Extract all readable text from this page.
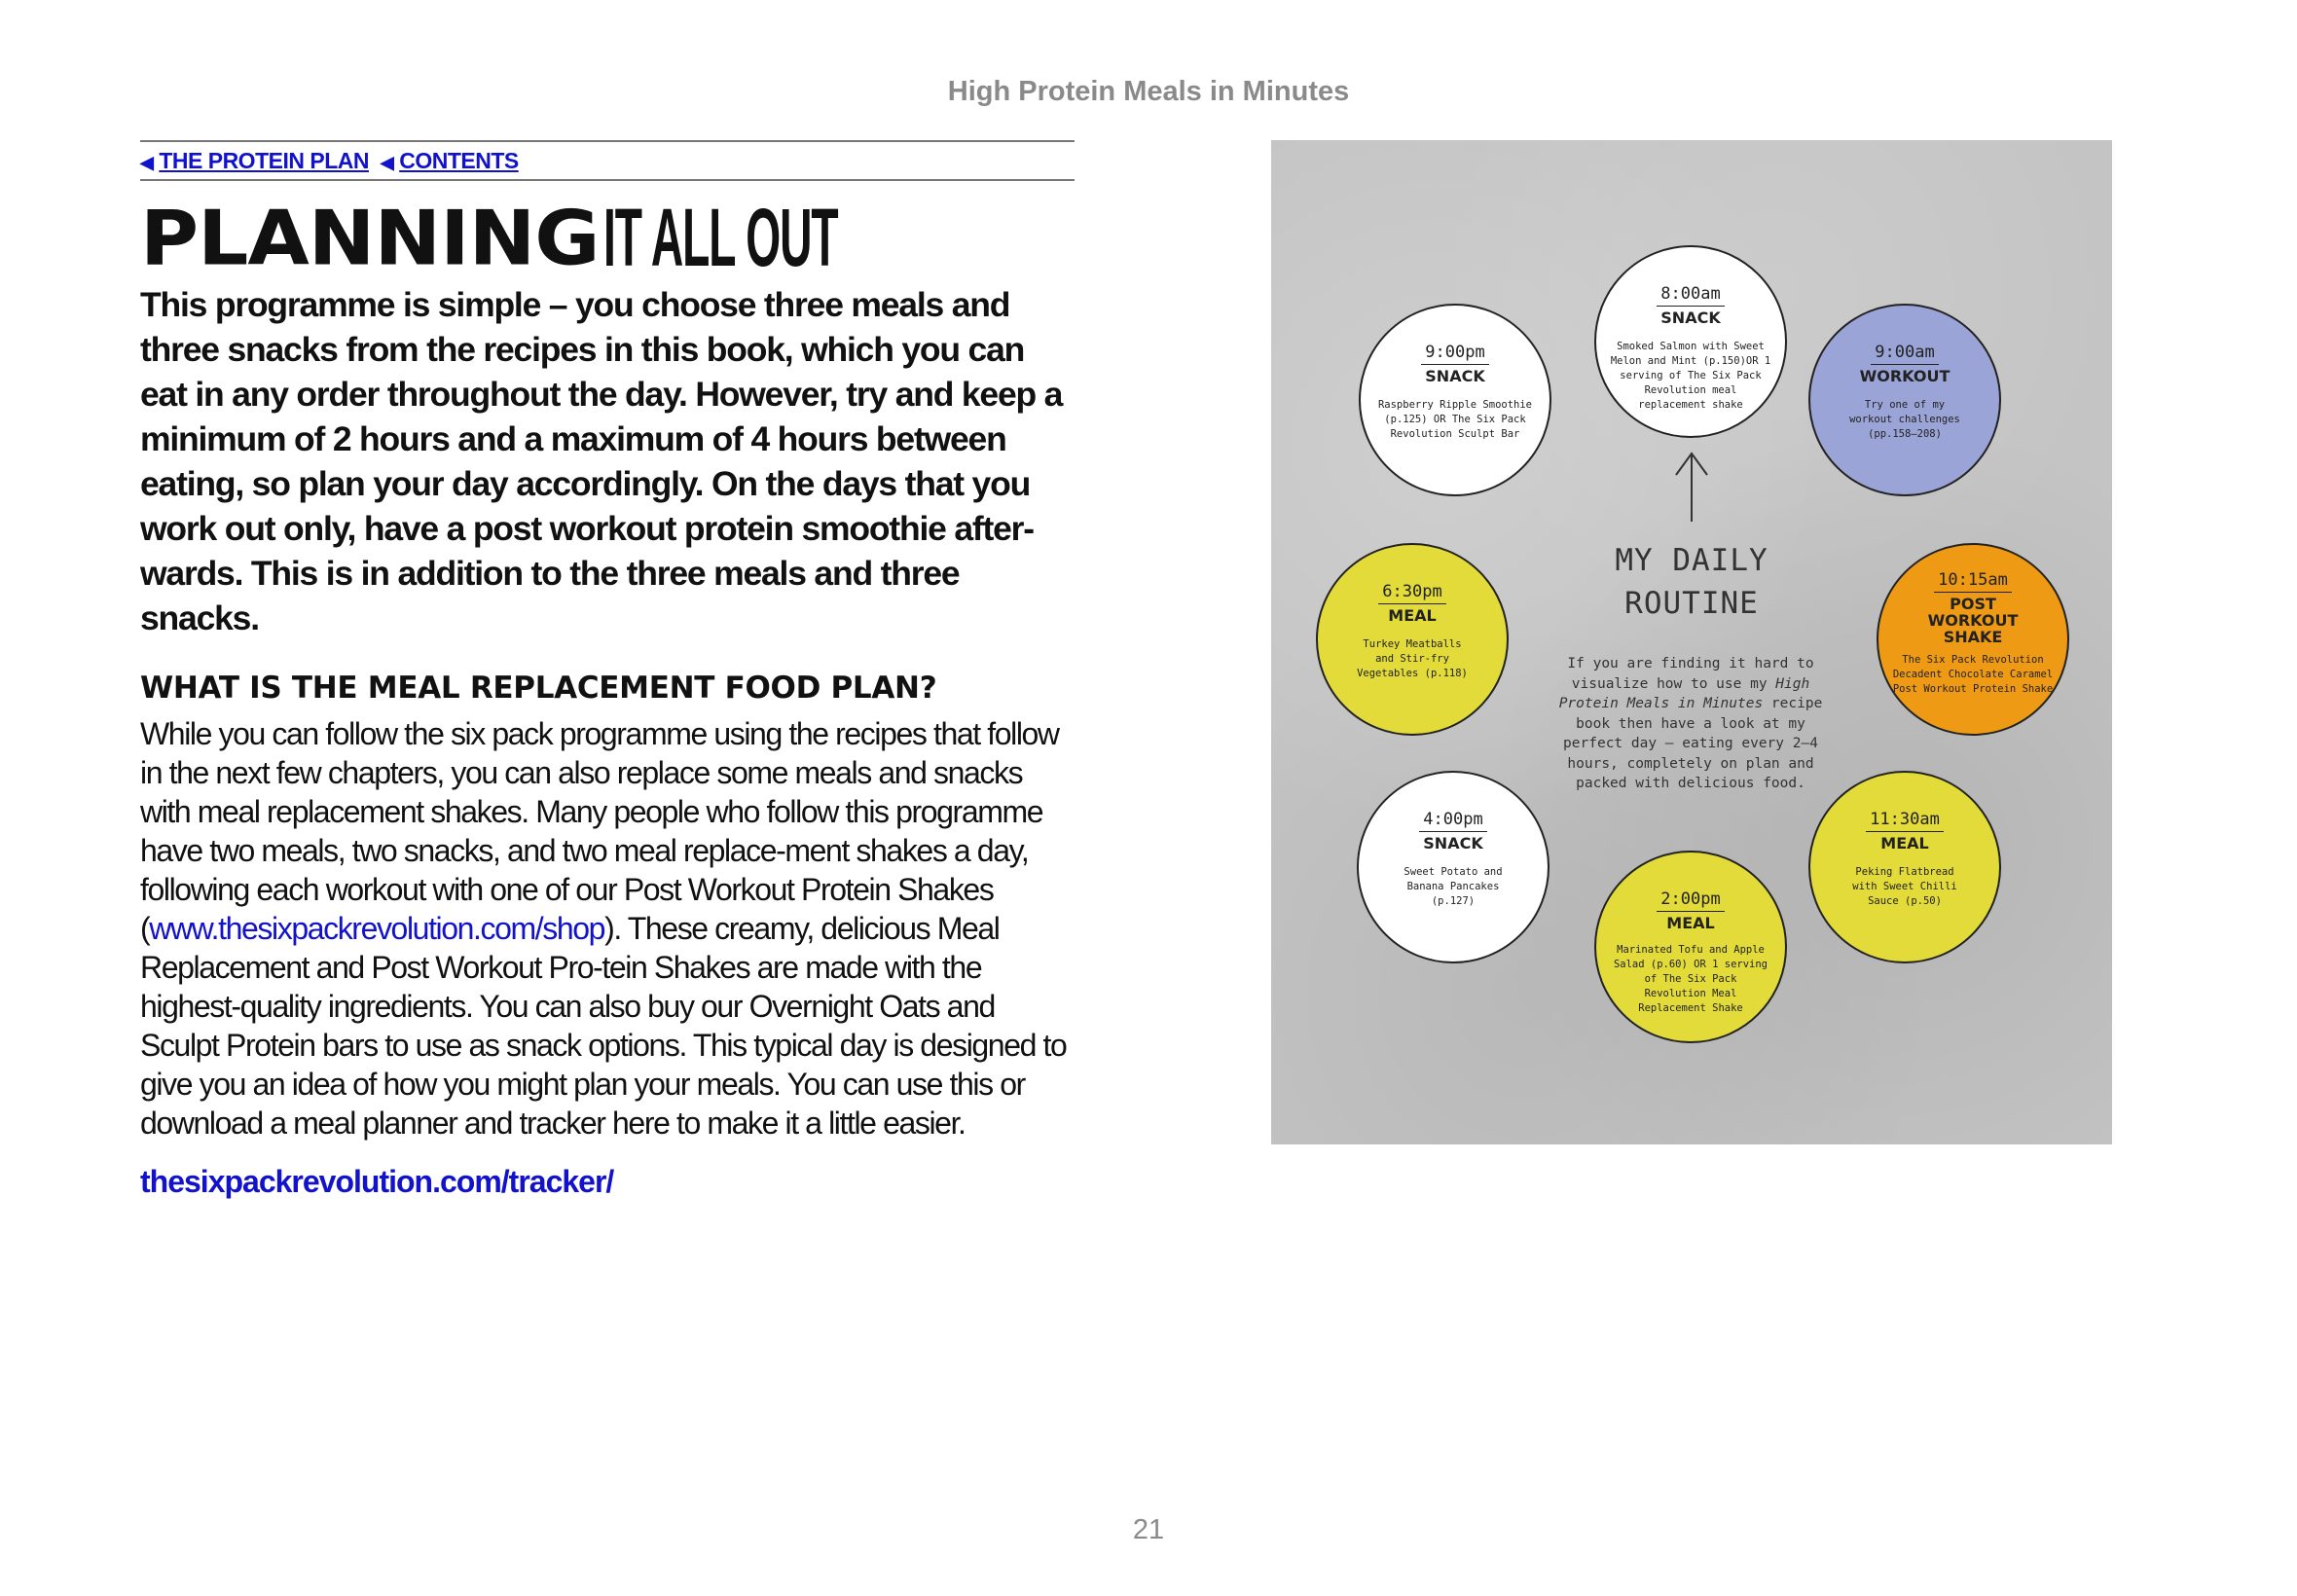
High Protein Meals in Minutes
◀ THE PROTEIN PLAN ◀ CONTENTS
PLANNINGIT ALL OUT
This programme is simple – you choose three meals and three snacks from the recipes in this book, which you can eat in any order throughout the day. However, try and keep a minimum of 2 hours and a maximum of 4 hours between eating, so plan your day accordingly. On the days that you work out only, have a post workout protein smoothie after-wards. This is in addition to the three meals and three snacks.
WHAT IS THE MEAL REPLACEMENT FOOD PLAN?
While you can follow the six pack programme using the recipes that follow in the next few chapters, you can also replace some meals and snacks with meal replacement shakes. Many people who follow this programme have two meals, two snacks, and two meal replace-ment shakes a day, following each workout with one of our Post Workout Protein Shakes (www.thesixpackrevolution.com/shop). These creamy, delicious Meal Replacement and Post Workout Pro-tein Shakes are made with the highest-quality ingredients. You can also buy our Overnight Oats and Sculpt Protein bars to use as snack options. This typical day is designed to give you an idea of how you might plan your meals. You can use this or download a meal planner and tracker here to make it a little easier.
thesixpackrevolution.com/tracker/
8:00am
SNACK
Smoked Salmon with Sweet Melon and Mint (p.150)OR 1 serving of The Six Pack Revolution meal replacement shake
9:00am
WORKOUT
Try one of my workout challenges (pp.158–208)
10:15am
POST WORKOUT SHAKE
The Six Pack Revolution Decadent Chocolate Caramel Post Workout Protein Shake
11:30am
MEAL
Peking Flatbread with Sweet Chilli Sauce (p.50)
2:00pm
MEAL
Marinated Tofu and Apple Salad (p.60) OR 1 serving of The Six Pack Revolution Meal Replacement Shake
4:00pm
SNACK
Sweet Potato and Banana Pancakes (p.127)
6:30pm
MEAL
Turkey Meatballs and Stir-fry Vegetables (p.118)
9:00pm
SNACK
Raspberry Ripple Smoothie (p.125) OR The Six Pack Revolution Sculpt Bar
MY DAILY
ROUTINE
If you are finding it hard to visualize how to use my High Protein Meals in Minutes recipe book then have a look at my perfect day – eating every 2–4 hours, completely on plan and packed with delicious food.
21
